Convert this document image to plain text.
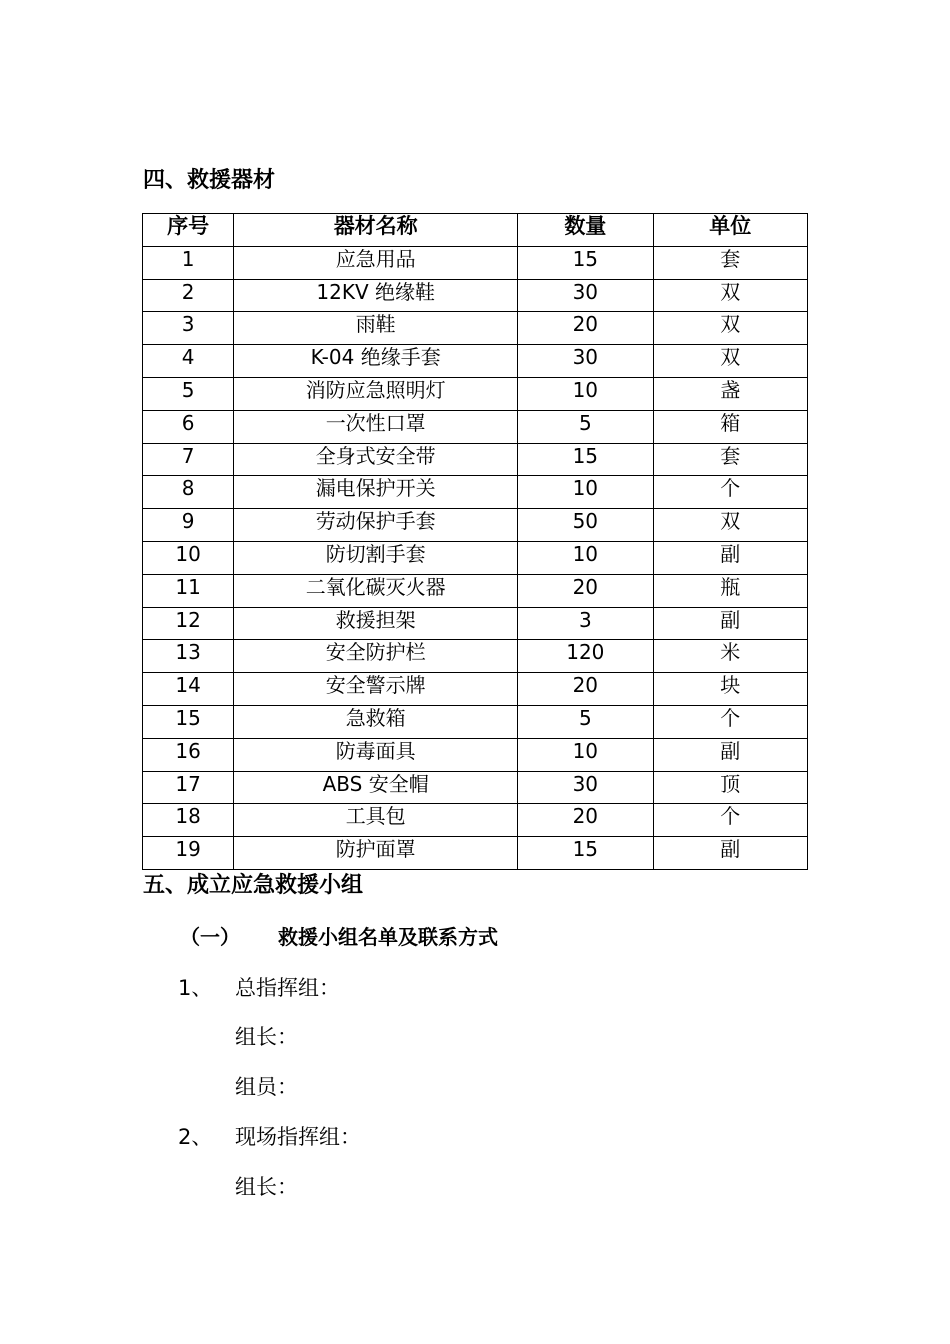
四、救援器材
序号	器材名称	数量	单位
1	应急用品	15	套
2	12KV 绝缘鞋	30	双
3	雨鞋	20	双
4	K-04 绝缘手套	30	双
5	消防应急照明灯	10	盏
6	一次性口罩	5	箱
7	全身式安全带	15	套
8	漏电保护开关	10	个
9	劳动保护手套	50	双
10	防切割手套	10	副
11	二氧化碳灭火器	20	瓶
12	救援担架	3	副
13	安全防护栏	120	米
14	安全警示牌	20	块
15	急救箱	5	个
16	防毒面具	10	副
17	ABS 安全帽	30	顶
18	工具包	20	个
19	防护面罩	15	副
五、成立应急救援小组
（一） 救援小组名单及联系方式
1、 总指挥组：
组长：
组员：
2、 现场指挥组：
组长：
